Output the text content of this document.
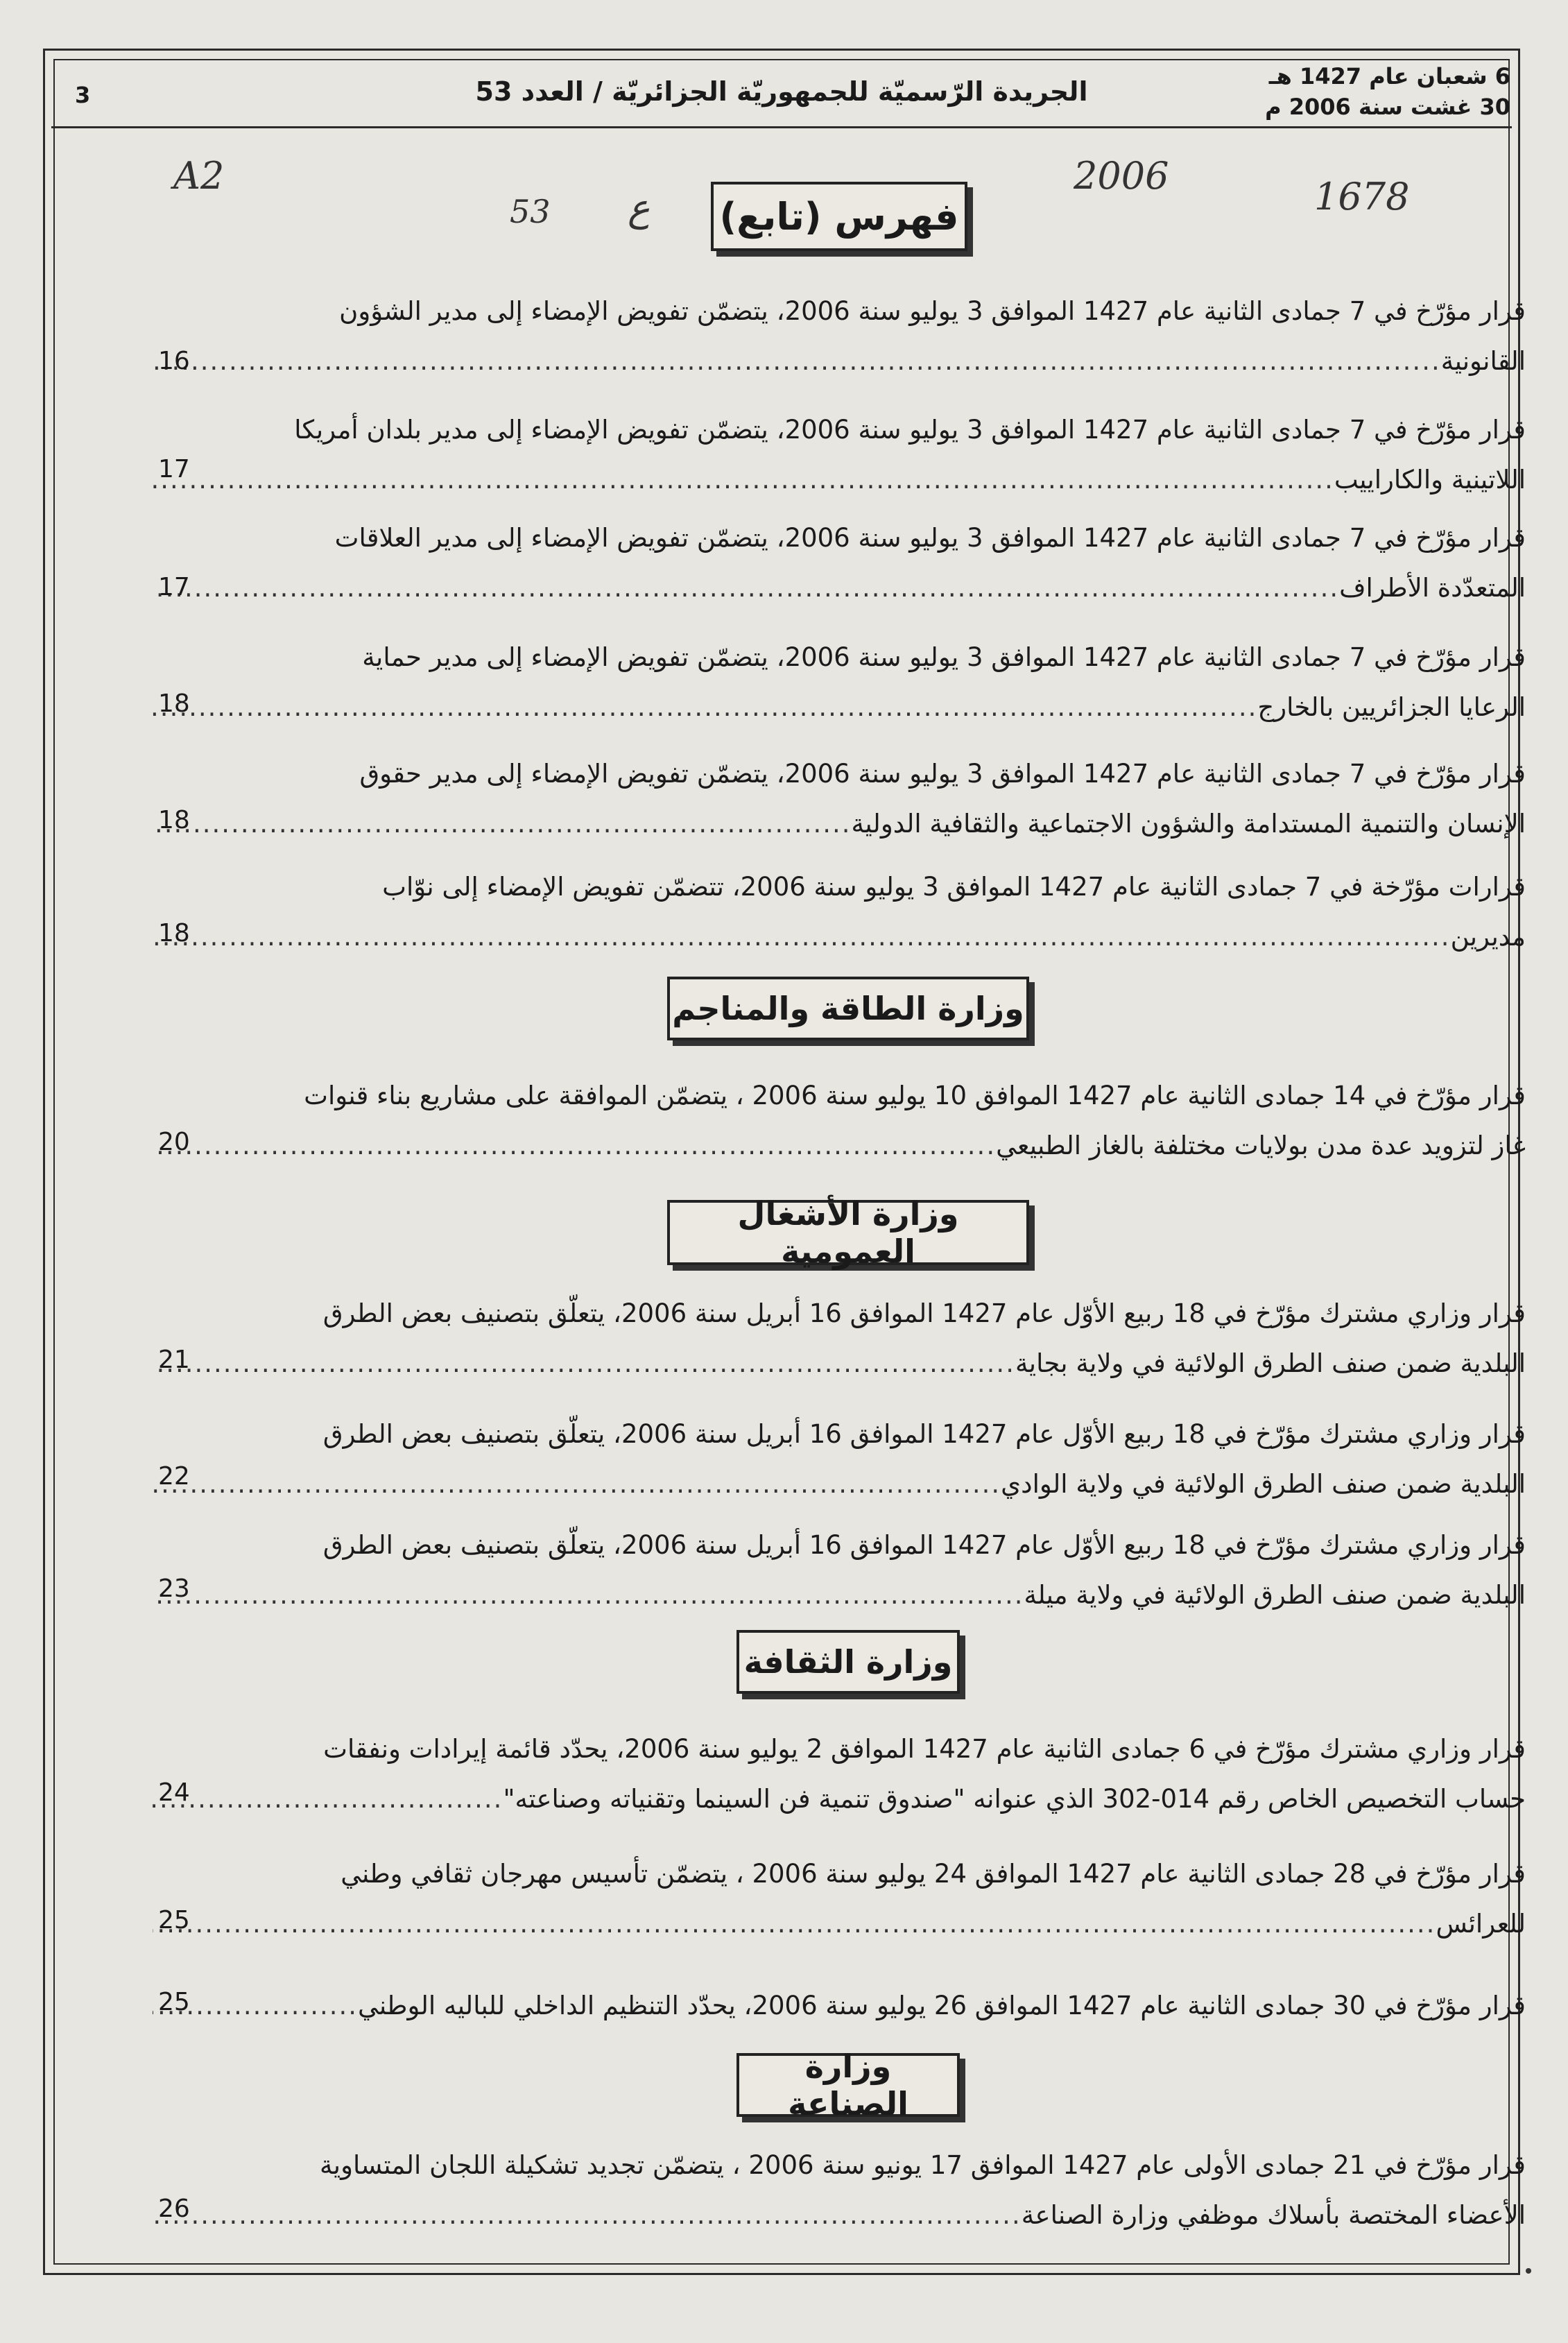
6 شعبان عام 1427 هـ
30 غشت سنة 2006 م
الجريدة الرّسميّة للجمهوريّة الجزائريّة / العدد 53
3
A2
53 ع
2006	1678
فهرس (تابع)
قرار مؤرّخ في 7 جمادى الثانية عام 1427 الموافق 3 يوليو سنة 2006، يتضمّن تفويض الإمضاء إلى مدير الشؤون
القانونية
.....
16
قرار مؤرّخ في 7 جمادى الثانية عام 1427 الموافق 3 يوليو سنة 2006، يتضمّن تفويض الإمضاء إلى مدير بلدان أمريكا
اللاتينية والكاراييب
.....
17
قرار مؤرّخ في 7 جمادى الثانية عام 1427 الموافق 3 يوليو سنة 2006، يتضمّن تفويض الإمضاء إلى مدير العلاقات
المتعدّدة الأطراف
.....
17
قرار مؤرّخ في 7 جمادى الثانية عام 1427 الموافق 3 يوليو سنة 2006، يتضمّن تفويض الإمضاء إلى مدير حماية
الرعايا الجزائريين بالخارج
.....
18
قرار مؤرّخ في 7 جمادى الثانية عام 1427 الموافق 3 يوليو سنة 2006، يتضمّن تفويض الإمضاء إلى مدير حقوق
الإنسان والتنمية المستدامة والشؤون الاجتماعية والثقافية الدولية
.....
18
قرارات مؤرّخة في 7 جمادى الثانية عام 1427 الموافق 3 يوليو سنة 2006، تتضمّن تفويض الإمضاء إلى نوّاب
مديرين
.....
18
وزارة الطاقة والمناجم
قرار مؤرّخ في 14 جمادى الثانية عام 1427 الموافق 10 يوليو سنة 2006 ، يتضمّن الموافقة على مشاريع بناء قنوات
غاز لتزويد عدة مدن بولايات مختلفة بالغاز الطبيعي
.....
20
وزارة الأشغال العمومية
قرار وزاري مشترك مؤرّخ في 18 ربيع الأوّل عام 1427 الموافق 16 أبريل سنة 2006، يتعلّق بتصنيف بعض الطرق
البلدية ضمن صنف الطرق الولائية في ولاية بجاية
.....
21
قرار وزاري مشترك مؤرّخ في 18 ربيع الأوّل عام 1427 الموافق 16 أبريل سنة 2006، يتعلّق بتصنيف بعض الطرق
البلدية ضمن صنف الطرق الولائية في ولاية الوادي
.....
22
قرار وزاري مشترك مؤرّخ في 18 ربيع الأوّل عام 1427 الموافق 16 أبريل سنة 2006، يتعلّق بتصنيف بعض الطرق
البلدية ضمن صنف الطرق الولائية في ولاية ميلة
.....
23
وزارة الثقافة
قرار وزاري مشترك مؤرّخ في 6 جمادى الثانية عام 1427 الموافق 2 يوليو سنة 2006، يحدّد قائمة إيرادات ونفقات
حساب التخصيص الخاص رقم 014-302 الذي عنوانه "صندوق تنمية فن السينما وتقنياته وصناعته"
.....
24
قرار مؤرّخ في 28 جمادى الثانية عام 1427 الموافق 24 يوليو سنة 2006 ، يتضمّن تأسيس مهرجان ثقافي وطني
للعرائس
.....
25
قرار مؤرّخ في 30 جمادى الثانية عام 1427 الموافق 26 يوليو سنة 2006، يحدّد التنظيم الداخلي للباليه الوطني
.....
25
وزارة الصناعة
قرار مؤرّخ في 21 جمادى الأولى عام 1427 الموافق 17 يونيو سنة 2006 ، يتضمّن تجديد تشكيلة اللجان المتساوية
الأعضاء المختصة بأسلاك موظفي وزارة الصناعة
.....
26
